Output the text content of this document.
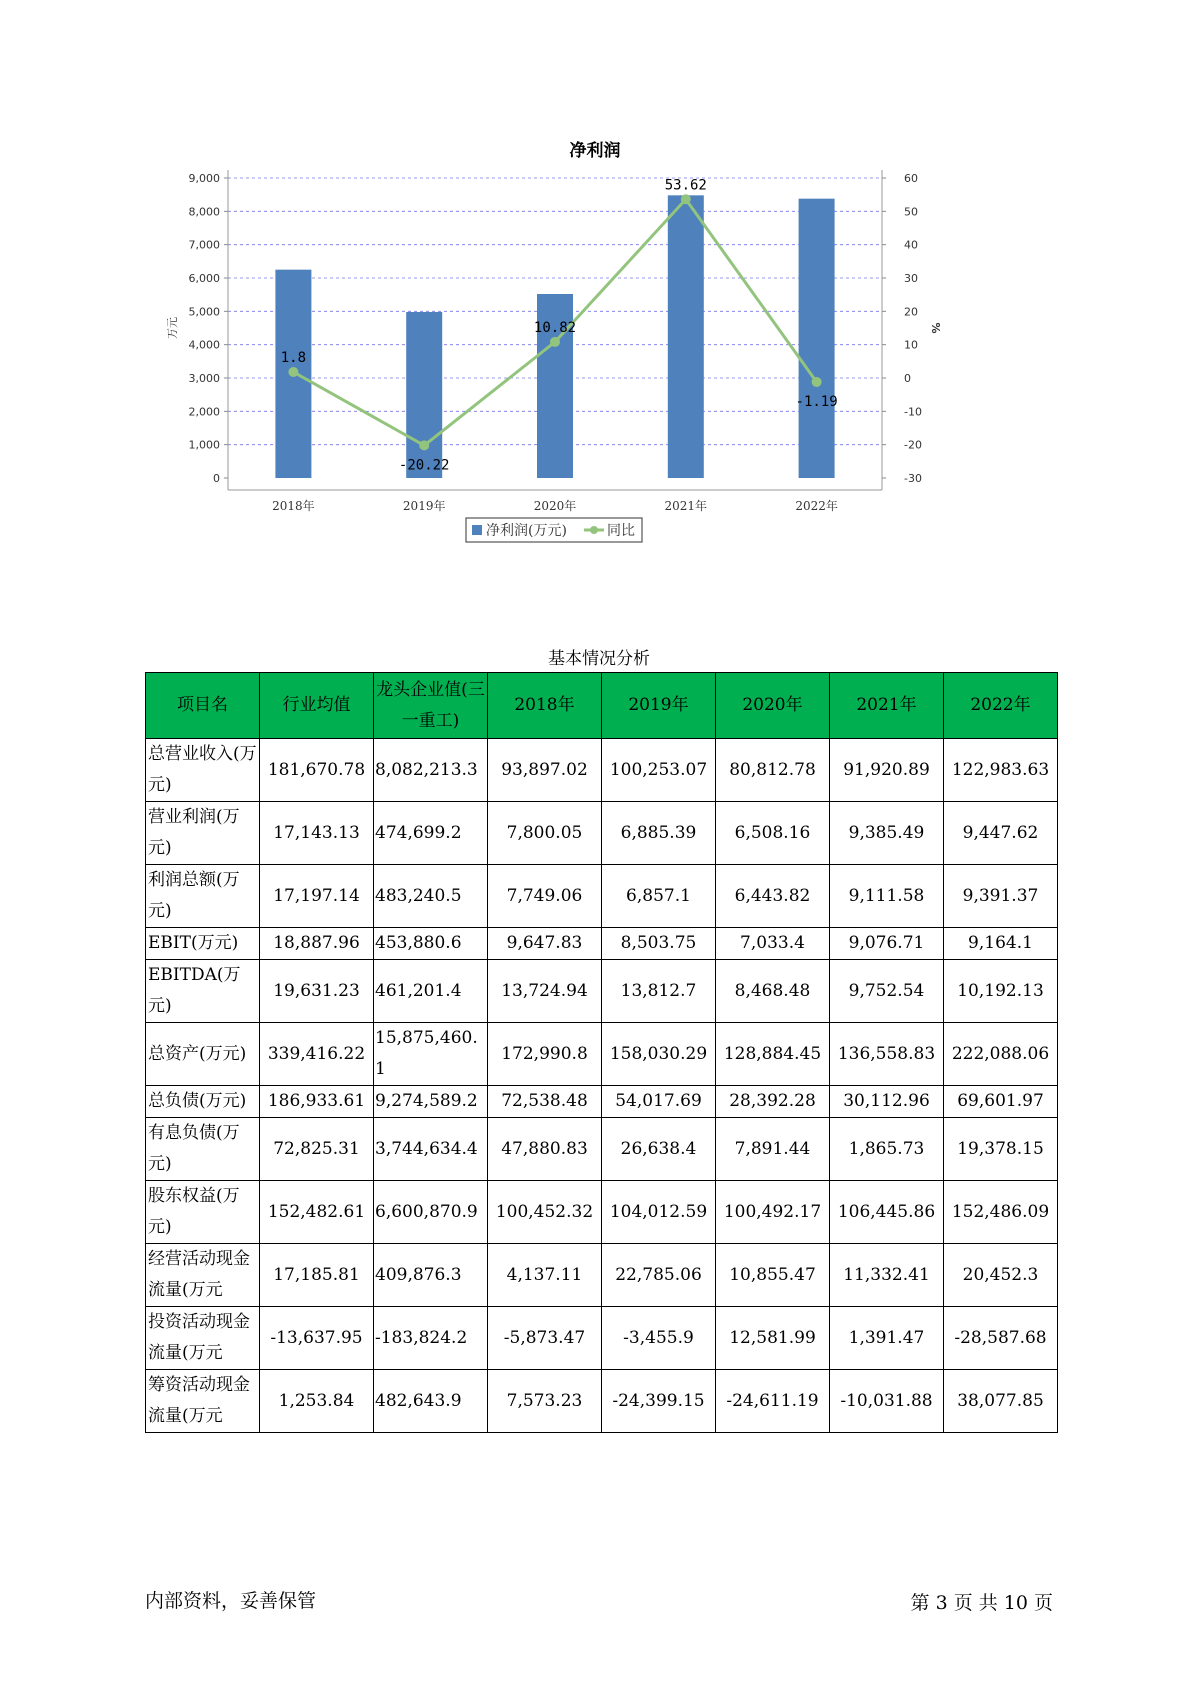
净利润
1.8
-20.22
10.82
53.62
-1.19
0
1,000
2,000
3,000
4,000
5,000
6,000
7,000
8,000
9,000
-30
-20
-10
0
10
20
30
40
50
60
万元	%
2018年	2019年	2020年	2021年	2022年
净利润(万元)	同比
基本情况分析
项目名	行业均值	龙头企业值(三一重工)	2018年	2019年	2020年	2021年	2022年
总营业收入(万元)	181,670.78	8,082,213.3	93,897.02	100,253.07	80,812.78	91,920.89	122,983.63
营业利润(万元)	17,143.13	474,699.2	7,800.05	6,885.39	6,508.16	9,385.49	9,447.62
利润总额(万元)	17,197.14	483,240.5	7,749.06	6,857.1	6,443.82	9,111.58	9,391.37
EBIT(万元)	18,887.96	453,880.6	9,647.83	8,503.75	7,033.4	9,076.71	9,164.1
EBITDA(万元)	19,631.23	461,201.4	13,724.94	13,812.7	8,468.48	9,752.54	10,192.13
总资产(万元)	339,416.22	15,875,460.1	172,990.8	158,030.29	128,884.45	136,558.83	222,088.06
总负债(万元)	186,933.61	9,274,589.2	72,538.48	54,017.69	28,392.28	30,112.96	69,601.97
有息负债(万元)	72,825.31	3,744,634.4	47,880.83	26,638.4	7,891.44	1,865.73	19,378.15
股东权益(万元)	152,482.61	6,600,870.9	100,452.32	104,012.59	100,492.17	106,445.86	152,486.09
经营活动现金流量(万元	17,185.81	409,876.3	4,137.11	22,785.06	10,855.47	11,332.41	20,452.3
投资活动现金流量(万元	-13,637.95	-183,824.2	-5,873.47	-3,455.9	12,581.99	1,391.47	-28,587.68
筹资活动现金流量(万元	1,253.84	482,643.9	7,573.23	-24,399.15	-24,611.19	-10,031.88	38,077.85
内部资料，妥善保管	第 3 页 共 10 页
